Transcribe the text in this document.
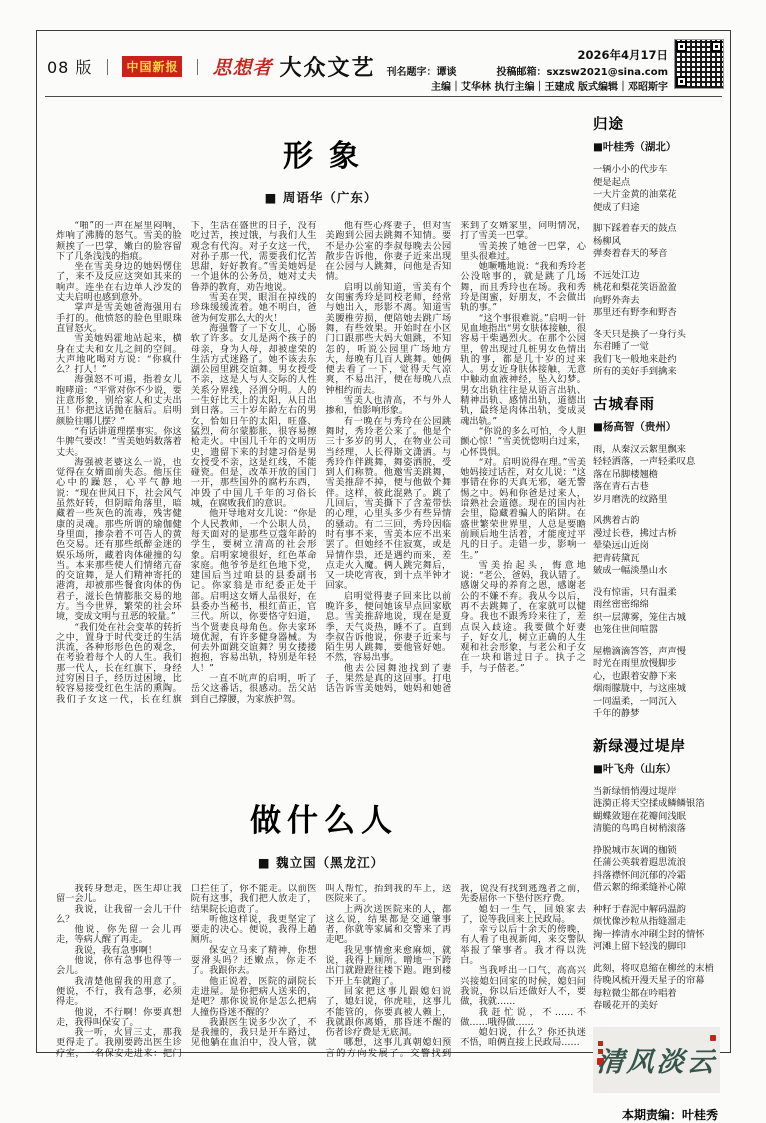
08 版 ｜ 中国新报 ｜ 思想者 大众文艺 刊名题字：谭谈
2026年4月17日
投稿邮箱：sxzsw2021@sina.com
主编｜艾华林 执行主编｜王建成 版式编辑｜邓昭斯宇
形象
■ 周语华（广东）

“啪”的一声在屋里闷响，炸响了沸腾的怒气。雪美的脸颊挨了一巴掌，嫩白的脸容留下了几条浅浅的指痕。

坐在雪美身边的她妈愣住了，来不及反应这突如其来的响声。连坐在右边单人沙发的丈夫启明也感到意外。

掌声是雪美她爸海强用右手打的。他愤怒的脸色里眼珠直冒怒火。

雪美她妈霍地站起来，横身在丈夫和女儿之间的空间。大声地叱喝对方说：“你疯什么？打人！”

海强怒不可遏，指着女儿咆哮道：“平常对你不少说，要注意形象，别给家人和丈夫出丑！你把这话抛在脑后。启明颜脸往哪儿摆？”

“有话讲道理摆事实。你这牛脾气要改！”雪美她妈数落着丈夫。

海强被老婆这么一说，也觉得在女婿面前失态。他压住心中的躁怒，心平气静地说：“现在世风日下，社会风气虽然好转，但阴暗角落里，暗藏着一些灰色的流毒，残害健康的灵魂。那些所谓的瑜伽健身里面，掺杂着不可告人的黄色交易。还有那些纸醉金迷的娱乐场所，藏着肉体碰撞的勾当。本来那些使人们情绪亢奋的交谊舞，是人们精神寄托的港湾，却被那些餐食肉体的伪君子，滋长色情膨胀交易的地方。当今世界，繁荣的社会环境，变成文明与丑恶的较量。”

“我们处在社会变革的转折之中，置身于时代变迁的生活洪流，各种形形色色的观念，在考验着每个人的人生。我们那一代人，长在红旗下，身经过穷困日子，经历过困境，比较容易接受红色生活的熏陶。我们子女这一代，长在红旗下，生活在盛世的日子，没有吃过苦，挨过饿，与我们人生观念有代沟。对子女这一代，对孙子那一代，需要我们忆苦思甜，好好教育。”雪美她妈是一个退休的公务员，她对丈夫鲁莽的教育，劝告地说。

雪美在哭，眼泪在掉线的珍珠缓缓流着。她不明白，爸爸为何发那么大的火！

海强瞥了一下女儿，心肠软了许多。女儿是两个孩子的母亲，身为人母，却被虚荣的生活方式迷路了。她不该去东湖公园里跳交谊舞。男女授受不亲，这是人与人交际的人性关系分界线，泾渭分明。人的一生好比天上的太阳，从日出到日落。三十岁年龄左右的男女，恰如日午的太阳，旺盛、猛烈，荷尔蒙膨胀，很容易擦枪走火。中国几千年的文明历史，遗留下来的封建习俗是男女授受不亲，这是红线，不能碰瓷。但是，改革开放的国门一开，那些国外的腐朽东西，冲毁了中国几千年的习俗长城，在腐败我们的意识。

他开导地对女儿说：“你是个人民教师，一个公职人员，每天面对的是那些豆蔻年龄的学生，要树立清高的社会形象。启明家境很好，红色革命家庭。他爷爷是红色地下党，建国后当过咱县的县委副书记。你家翁是市纪委正处干部。启明这女婿人品很好，在县委办当秘书，根红苗正，官三代。所以，你要恪守妇道，当个贤妻良母角色。你夫家环境优渥，有许多健身器械。为何去外面跳交谊舞？男女搂搂抱抱，容易出轨，特别是年轻人！”

一直不吭声的启明，听了岳父这番话，很感动。岳父站到自己撑腰，为家族护驾。

他有些心疼妻子，但对雪美跑到公园去跳舞不知情。要不是办公室的李叔每晚去公园散步告诉他，你妻子近来出现在公园与人跳舞，问他是否知情。

启明以前知道，雪美有个女闺蜜秀玲是同校老师，经常与她出入，形影不离。知道雪美腰椎劳损，便陪她去跳广场舞，有些效果。开始时在小区门口跟那些大妈大姐跳，不知怎的，听说公园里广场地方大，每晚有几百人跳舞。她俩便去看了一下，觉得天气凉爽，不易出汗，便在每晚八点钟相约而去。

雪美人也清高，不与外人掺和，怕影响形象。

有一晚在与秀玲在公园跳舞时，秀玲老公来了。他是个三十多岁的男人，在物业公司当经理，人长得斯文潇洒。与秀玲作伴跳舞，舞姿洒脱，受到人们称赞。他邀雪美跳舞，雪美推辞不掉，便与他做个舞伴。这样，彼此混熟了。跳了几回后，雪美撕下了含羞带怯的心理，心里头多少有些异情的骚动。有二三回，秀玲因临时有事不来，雪美本应不出来罢了。但她经不住寂寞，或是异情作祟，还是遇约而来，差点走火入魔。俩人跳完舞后，又一块吃宵夜，到十点半钟才回家。

启明觉得妻子回来比以前晚许多，便问她该早点回家歇息。雪美推辞地说，现在是夏季，天气炎热，睡不了。直到李叔告诉他说，你妻子近来与陌生男人跳舞，要他管好她。不然，容易出事。

他去公园舞池找到了妻子，果然是真的这回事。打电话告诉雪美她妈，她妈和她爸来到了女婿家里，问明情况，打了雪美一巴掌。

雪美挨了她爸一巴掌，心里头很难过。

她噘嘴地说：“我和秀玲老公没啥事的，就是跳了几场舞，而且秀玲也在场。我和秀玲是闺蜜，好朋友，不会做出轨的事。”

“这个事很难说。”启明一针见血地指出“男女肤体接触，很容易干柴遇烈火。在那个公园里，曾出现过几桩男女色情出轨的事，都是几十岁的过来人。男女近身肤体接触，无意中触动血液神经，坠入幻梦。男女出轨往往是从语言出轨、精神出轨、感情出轨，道德出轨，最终是肉体出轨，变成灵魂出轨。”

“你说的多么可怕，令人胆颤心惊！”雪美恍惚明白过来，心怀畏惧。

“对。启明说得在理。”雪美她妈接过话茬，对女儿说：“这事错在你的天真无邪，毫无警惕之中。妈和你爸是过来人，谙熟社会道德。现在的国内社会里，隐藏着骗人的陷阱。在盛世繁荣世界里，人总是要瞻前顾后地生活着，才能度过平凡的日子。走错一步，影响一生。”

雪美抬起头，悔意地说：“老公，爸妈，我认错了。感谢父母的养育之恩，感谢老公的不嫌不弃。我从今以后，再不去跳舞了，在家就可以健身。我也不跟秀玲来往了，差点误入歧途。我要做个好妻子，好女儿，树立正确的人生观和社会形象，与老公和子女在一块和谐过日子。执子之手，与子偕老。”

做什么人
■ 魏立国（黑龙江）

我转身想走，医生却让我留一会儿。

我说，让我留一会儿干什么？

他说，你先留一会儿再走，等病人醒了再走。

我说，我有急事啊！

他说，你有急事也得等一会儿。

我清楚他留我的用意了。便说，不行，我有急事，必须得走。

他说，不行啊！你要真想走，我得叫保安了。

我一听，火冒三丈，那我更得走了。我刚要跨出医生诊疗室，一名保安走进来：把门口拦住了，你不能走。以前医院有这事，我们把人放走了，结果院长追责了。

听他这样说，我更坚定了要走的决心。便说，我得上趟厕所。

保安立马来了精神，你想耍滑头吗？还嫩点，你走不了。我跟你去。

他正说着，医院的副院长走进屋。是你把病人送来的，是吧？那你说说你是怎么把病人撞伤昏迷不醒的？

我跟医生说多少次了，不是我撞的，我只是开车路过，见他躺在血泊中，没人管，就叫人帮忙，抬到我的车上，送医院来了。

上两次送医院来的人，都这么说，结果都是交通肇事者，你就等家属和交警来了再走吧。

我见事情愈来愈麻烦，就说，我得上厕所。噌地一下跨出门就蹬蹬往楼下跑。跑到楼下开上车就跑了。

回家把这事儿跟媳妇说了，媳妇说，你虎哇，这事儿不能管的，你要真被人赖上，我就跟你离婚，那昏迷不醒的伤者诊疗费是无底洞。

哪想，这事儿真朝媳妇预言的方向发展了。交警找到我，说没有找到逃逸者之前，先委屈你一下垫付医疗费。

媳妇一生气，回娘家去了，说等我回来上民政局。

幸亏以后十余天的傍晚，有人看了电视新闻，来交警队举报了肇事者。我才得以洗白。

当我呼出一口气，高高兴兴接媳妇回家的时候，媳妇问我说，你以后还做好人不，要做，我就……

我赶忙说，不……不做……哦得做……

媳妇说，什么？你还执迷不悟，咱俩直接上民政局……

归途
■叶桂秀（湖北）
一辆小小的代步车
便是起点
一大片金黄的油菜花
便成了归途
脚下踩着春天的鼓点
杨柳风
弹奏着春天的琴音
不远处江边
桃花和梨花笑语盈盈
向野外奔去
那里还有野李和野杏
冬天只是换了一身行头
东君睡了一觉
我们飞一般地来赴约
所有的美好手到擒来
古城春雨
■杨高智（贵州）
雨，从秦汉云絮里飘来
轻轻洒落，一声轻柔叹息
落在吊脚楼翘檐
落在青石古巷
岁月磨洗的纹路里
风携着古韵
漫过长巷，拂过古桥
晕染远山近岗
把青砖黛瓦
皴成一幅淡墨山水
没有惊雷，只有温柔
雨丝密密绵绵
织一层薄雾，笼住古城
也笼住世间喧嚣
屋檐滴滴答答，声声慢
时光在雨里放慢脚步
心，也跟着安静下来
烟雨朦胧中，与这座城
一同温柔，一同沉入
千年的静梦
新绿漫过堤岸
■叶飞舟（山东）
当新绿悄悄漫过堤岸
涟漪正将天空揉成鳞鳞银箔
蝴蝶敛翅在花瓣间浅眠
清脆的鸟鸣自树梢滚落
挣脱城市灰调的枷锁
任蒲公英载着遐思流浪
抖落襟怀间沉郁的冷霜
借云絮的绵柔缝补心隙
种籽于春泥中解码温韵
烦忧像沙粒从指缝溜走
掬一捧清水冲刷尘封的情怀
河滩上留下轻浅的脚印
此刻，将叹息缩在柳丝的末梢
待晚风梳开漫天星子的帘幕
每粒微尘都在吟唱着
春暖花开的美好
清风淡云
本期责编：叶桂秀
